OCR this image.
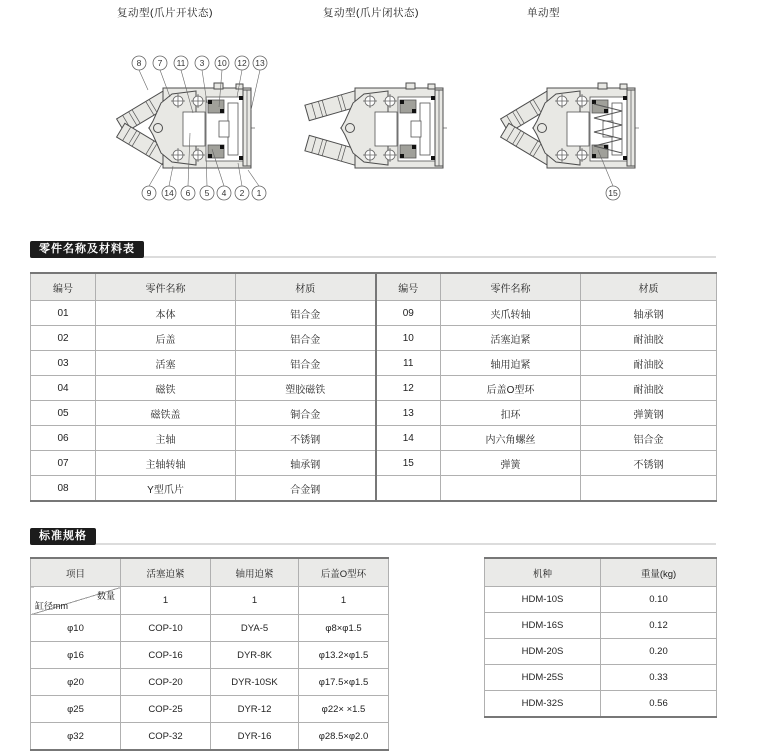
复动型(爪片开状态)	复动型(爪片闭状态)	单动型
8 7 11 3 10 12 13
9 14 6 5 4 2 1	15
零件名称及材料表
编号	零件名称	材质	编号	零件名称	材质
01	本体	铝合金	09	夹爪转轴	轴承钢
02	后盖	铝合金	10	活塞迫紧	耐油胶
03	活塞	铝合金	11	轴用迫紧	耐油胶
04	磁铁	塑胶磁铁	12	后盖O型环	耐油胶
05	磁铁盖	铜合金	13	扣环	弹簧钢
06	主轴	不锈钢	14	内六角螺丝	铝合金
07	主轴转轴	轴承钢	15	弹簧	不锈钢
08	Y型爪片	合金钢			
标准规格
项目	活塞迫紧	轴用迫紧	后盖O型环

数量
缸径mm	1	1	1
φ10	COP-10	DYA-5	φ8×φ1.5
φ16	COP-16	DYR-8K	φ13.2×φ1.5
φ20	COP-20	DYR-10SK	φ17.5×φ1.5
φ25	COP-25	DYR-12	φ22× ×1.5
φ32	COP-32	DYR-16	φ28.5×φ2.0
机种	重量(kg)
HDM-10S	0.10
HDM-16S	0.12
HDM-20S	0.20
HDM-25S	0.33
HDM-32S	0.56
